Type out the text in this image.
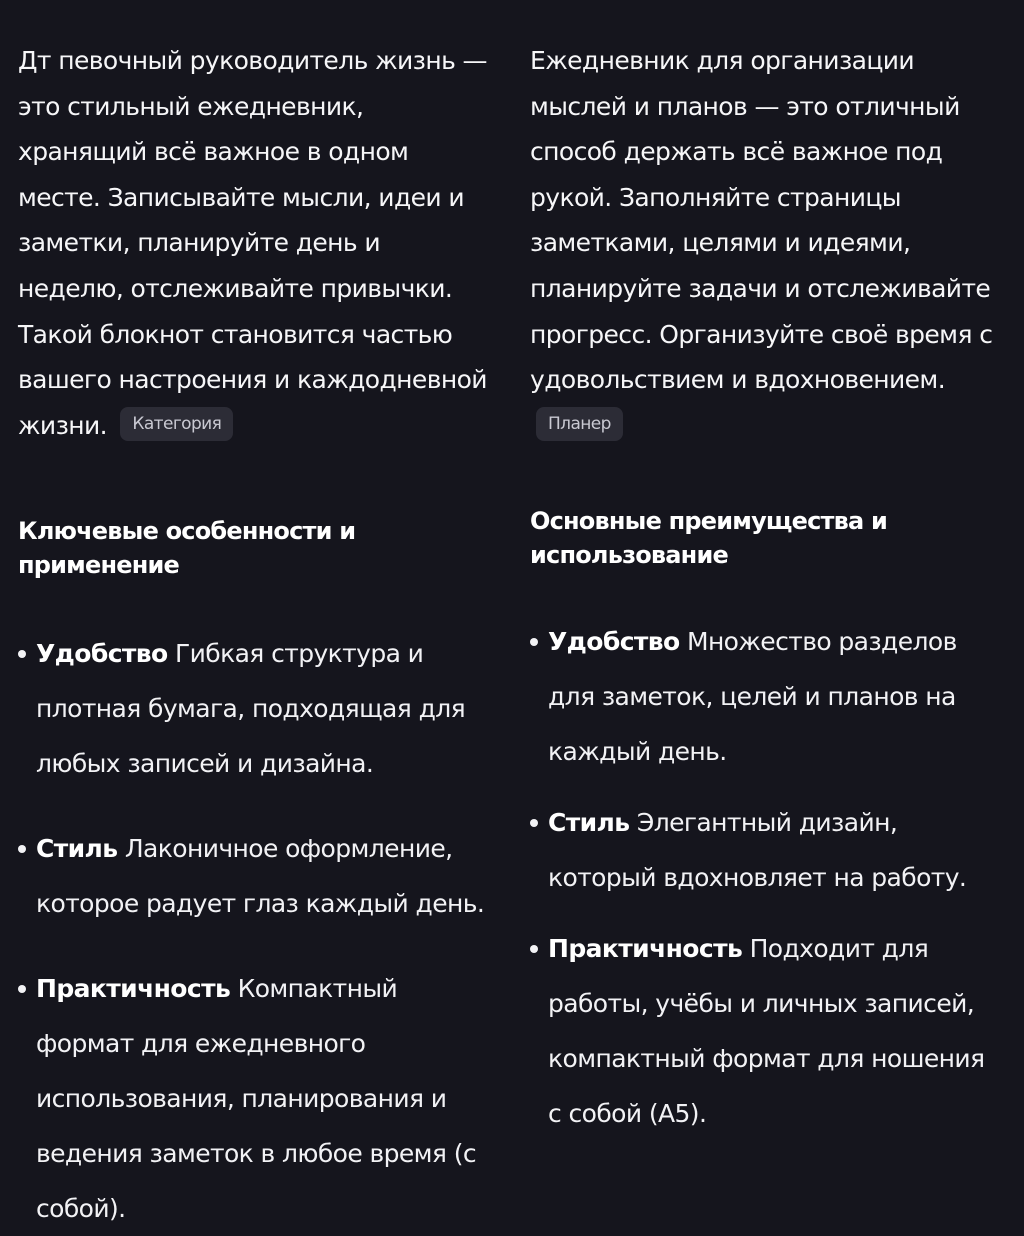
Дт певочный руководитель жизнь — это стильный ежедневник, хранящий всё важное в одном месте. Записывайте мысли, идеи и заметки, планируйте день и неделю, отслеживайте привычки. Такой блокнот становится частью вашего настроения и каждодневной жизни. Категория

Ключевые особенности и применение
Удобство Гибкая структура и плотная бумага, подходящая для любых записей и дизайна.
Стиль Лаконичное оформление, которое радует глаз каждый день.
Практичность Компактный формат для ежедневного использования, планирования и ведения заметок в любое время (с собой).

Ежедневник для организации мыслей и планов — это отличный способ держать всё важное под рукой. Заполняйте страницы заметками, целями и идеями, планируйте задачи и отслеживайте прогресс. Организуйте своё время с удовольствием и вдохновением. Планер

Основные преимущества и использование
Удобство Множество разделов для заметок, целей и планов на каждый день.
Стиль Элегантный дизайн, который вдохновляет на работу.
Практичность Подходит для работы, учёбы и личных записей, компактный формат для ношения с собой (A5).
